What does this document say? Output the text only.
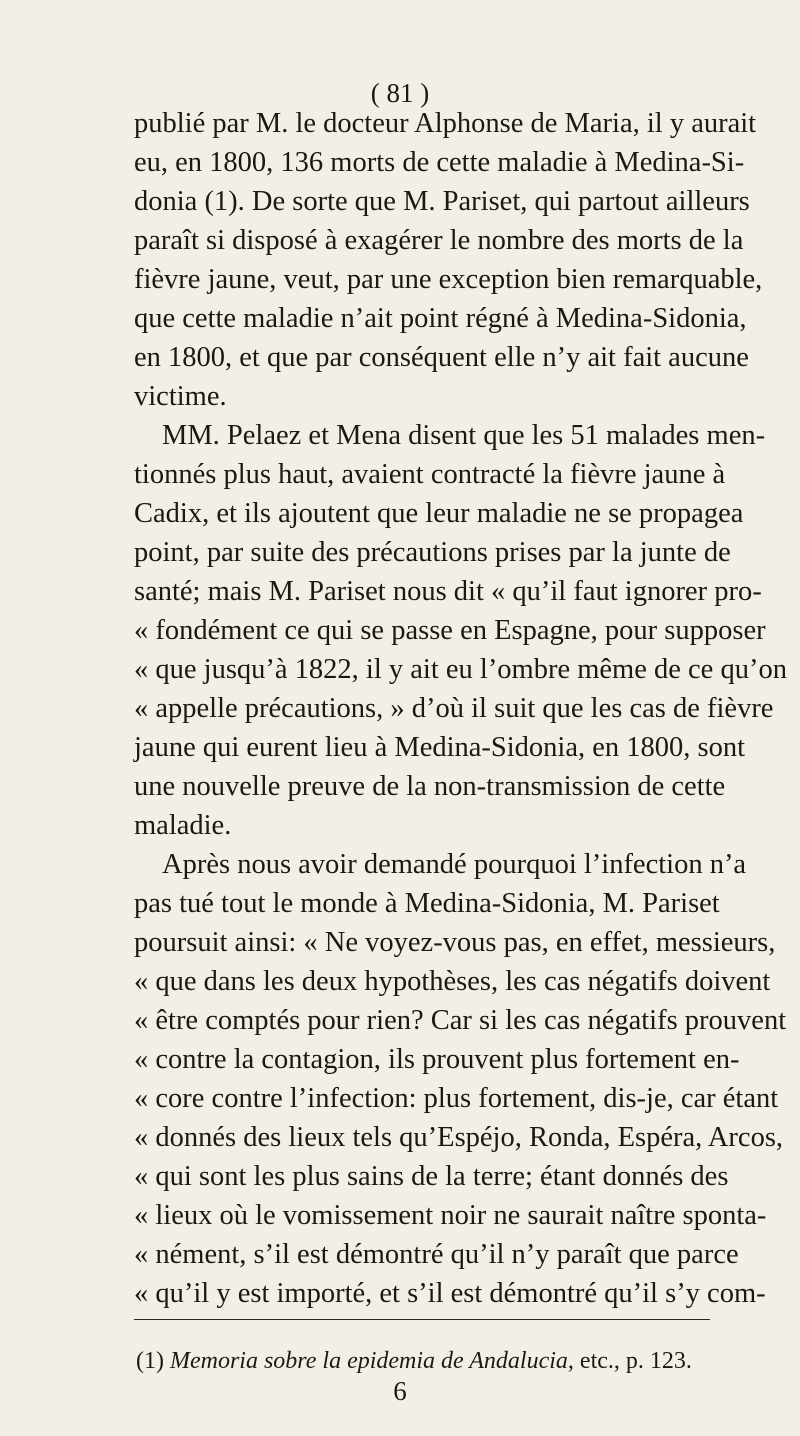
( 81 )
publié par M. le docteur Alphonse de Maria, il y aurait
eu, en 1800, 136 morts de cette maladie à Medina-Si-
donia (1). De sorte que M. Pariset, qui partout ailleurs
paraît si disposé à exagérer le nombre des morts de la
fièvre jaune, veut, par une exception bien remarquable,
que cette maladie n’ait point régné à Medina-Sidonia,
en 1800, et que par conséquent elle n’y ait fait aucune
victime.
MM. Pelaez et Mena disent que les 51 malades men-
tionnés plus haut, avaient contracté la fièvre jaune à
Cadix, et ils ajoutent que leur maladie ne se propagea
point, par suite des précautions prises par la junte de
santé; mais M. Pariset nous dit « qu’il faut ignorer pro-
« fondément ce qui se passe en Espagne, pour supposer
« que jusqu’à 1822, il y ait eu l’ombre même de ce qu’on
« appelle précautions, » d’où il suit que les cas de fièvre
jaune qui eurent lieu à Medina-Sidonia, en 1800, sont
une nouvelle preuve de la non-transmission de cette
maladie.
Après nous avoir demandé pourquoi l’infection n’a
pas tué tout le monde à Medina-Sidonia, M. Pariset
poursuit ainsi: « Ne voyez-vous pas, en effet, messieurs,
« que dans les deux hypothèses, les cas négatifs doivent
« être comptés pour rien? Car si les cas négatifs prouvent
« contre la contagion, ils prouvent plus fortement en-
« core contre l’infection: plus fortement, dis-je, car étant
« donnés des lieux tels qu’Espéjo, Ronda, Espéra, Arcos,
« qui sont les plus sains de la terre; étant donnés des
« lieux où le vomissement noir ne saurait naître sponta-
« nément, s’il est démontré qu’il n’y paraît que parce
« qu’il y est importé, et s’il est démontré qu’il s’y com-
(1) Memoria sobre la epidemia de Andalucia, etc., p. 123.
6
